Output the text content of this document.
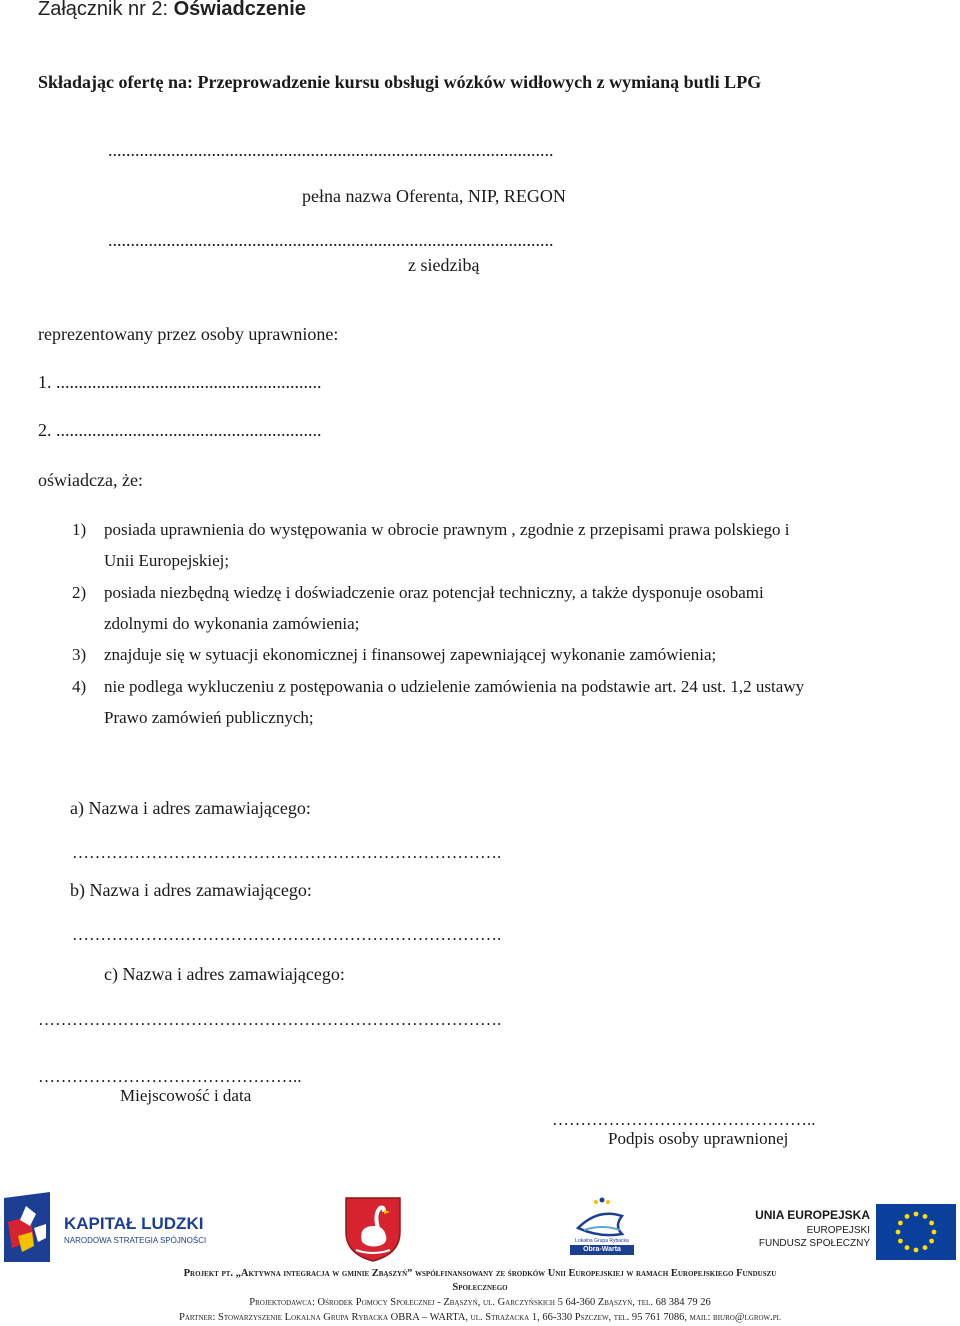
Załącznik nr 2: Oświadczenie
Składając ofertę na: Przeprowadzenie kursu obsługi wózków widłowych z wymianą butli LPG
...................................................................................................
pełna nazwa Oferenta, NIP, REGON
...................................................................................................
z siedzibą
reprezentowany przez osoby uprawnione:
1. ...........................................................
2. ...........................................................
oświadcza, że:
1) posiada uprawnienia do występowania w obrocie prawnym , zgodnie z przepisami prawa polskiego i
Unii Europejskiej;
2) posiada niezbędną wiedzę i doświadczenie oraz potencjał techniczny, a także dysponuje osobami
zdolnymi do wykonania zamówienia;
3) znajduje się w sytuacji ekonomicznej i finansowej zapewniającej wykonanie zamówienia;
4) nie podlega wykluczeniu z postępowania o udzielenie zamówienia na podstawie art. 24 ust. 1,2 ustawy
Prawo zamówień publicznych;
a) Nazwa i adres zamawiającego:
………………………………………………………………….
b) Nazwa i adres zamawiającego:
………………………………………………………………….
c) Nazwa i adres zamawiającego:
……………………………………………………………………….
………………………………………..
Miejscowość i data
………………………………………..
Podpis osoby uprawnionej
KAPITAŁ LUDZKI
NARODOWA STRATEGIA SPÓJNOŚCI	Lokalna Grupa Rybacka
Obra-Warta
UNIA EUROPEJSKA
EUROPEJSKI
FUNDUSZ SPOŁECZNY
Projekt pt. „Aktywna integracja w gminie Zbąszyń” współfinansowany ze środków Unii Europejskiej w ramach Europejskiego Funduszu
Społecznego
Projektodawca: Ośrodek Pomocy Społecznej - Zbąszyń, ul. Garczyńskich 5 64-360 Zbąszyń, tel. 68 384 79 26
Partner: Stowarzyszenie Lokalna Grupa Rybacka OBRA – WARTA, ul. Strażacka 1, 66-330 Pszczew, tel. 95 761 7086, mail: biuro@lgrow.pl
